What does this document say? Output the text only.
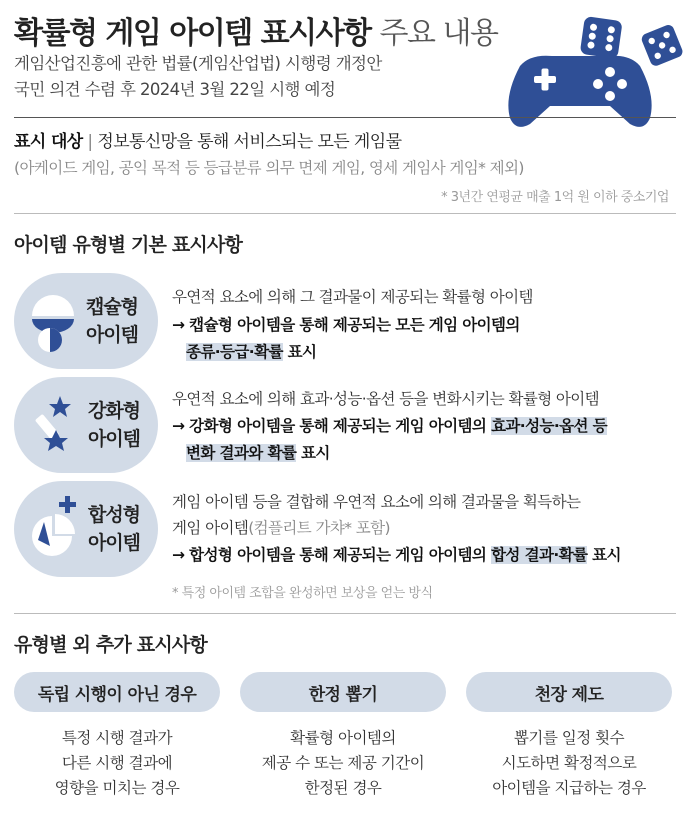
확률형 게임 아이템 표시사항 주요 내용
게임산업진흥에 관한 법률(게임산업법) 시행령 개정안
국민 의견 수렴 후 2024년 3월 22일 시행 예정
표시 대상 | 정보통신망을 통해 서비스되는 모든 게임물
(아케이드 게임, 공익 목적 등 등급분류 의무 면제 게임, 영세 게임사 게임* 제외)
* 3년간 연평균 매출 1억 원 이하 중소기업
아이템 유형별 기본 표시사항
캡슐형
아이템
우연적 요소에 의해 그 결과물이 제공되는 확률형 아이템
→ 캡슐형 아이템을 통해 제공되는 모든 게임 아이템의
종류·등급·확률 표시
강화형
아이템
우연적 요소에 의해 효과·성능·옵션 등을 변화시키는 확률형 아이템
→ 강화형 아이템을 통해 제공되는 게임 아이템의 효과·성능·옵션 등
변화 결과와 확률 표시
합성형
아이템
게임 아이템 등을 결합해 우연적 요소에 의해 결과물을 획득하는
게임 아이템(컴플리트 가챠* 포함)
→ 합성형 아이템을 통해 제공되는 게임 아이템의 합성 결과·확률 표시
* 특정 아이템 조합을 완성하면 보상을 얻는 방식
유형별 외 추가 표시사항
독립 시행이 아닌 경우	한정 뽑기	천장 제도
특정 시행 결과가
다른 시행 결과에
영향을 미치는 경우
확률형 아이템의
제공 수 또는 제공 기간이
한정된 경우
뽑기를 일정 횟수
시도하면 확정적으로
아이템을 지급하는 경우
